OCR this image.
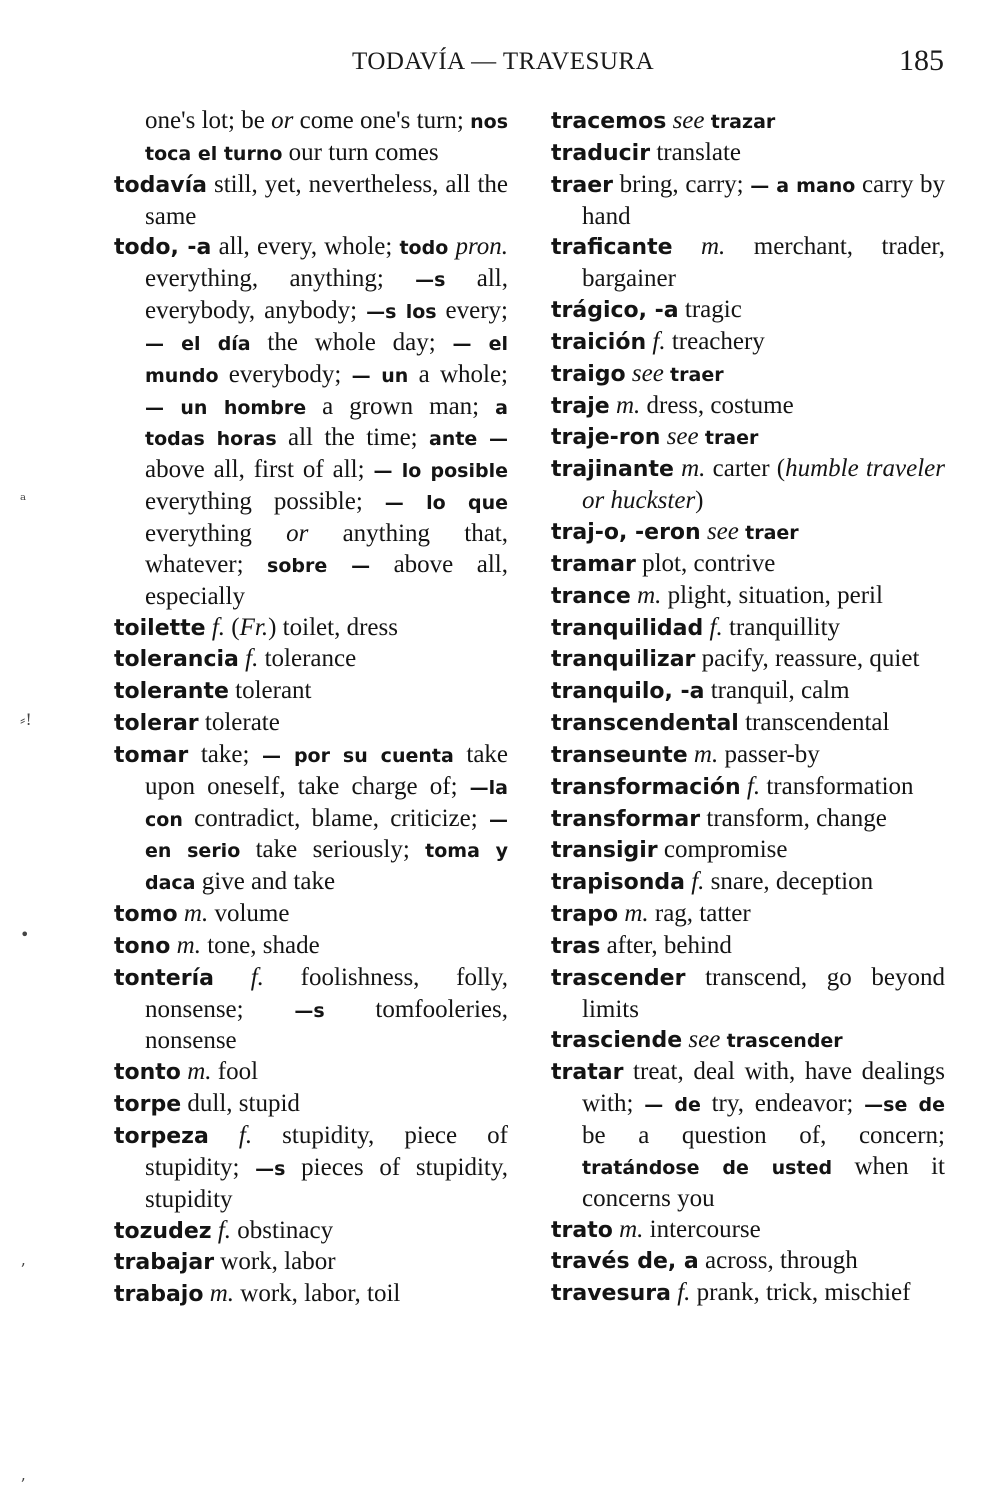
TODAVÍA — TRAVESURA	185

one's lot; be or come one's turn; nos toca el turno our turn comes

todavía still, yet, nevertheless, all the same

todo, -a all, every, whole; todo pron. everything, anything; —s all, everybody, anybody; —s los every; — el día the whole day; — el mundo everybody; — un a whole; — un hombre a grown man; a todas horas all the time; ante — above all, first of all; — lo posible everything possible; — lo que everything or anything that, whatever; sobre — above all, especially

toilette f. (Fr.) toilet, dress

tolerancia f. tolerance

tolerante tolerant

tolerar tolerate

tomar take; — por su cuenta take upon oneself, take charge of; —la con contradict, blame, criticize; — en serio take seriously; toma y daca give and take

tomo m. volume

tono m. tone, shade

tontería f. foolishness, folly, nonsense; —s tomfooleries, nonsense

tonto m. fool

torpe dull, stupid

torpeza f. stupidity, piece of stupidity; —s pieces of stupidity, stupidity

tozudez f. obstinacy

trabajar work, labor

trabajo m. work, labor, toil

tracemos see trazar

traducir translate

traer bring, carry; — a mano carry by hand

traficante m. merchant, trader, bargainer

trágico, -a tragic

traición f. treachery

traigo see traer

traje m. dress, costume

traje-ron see traer

trajinante m. carter (humble traveler or huckster)

traj-o, -eron see traer

tramar plot, contrive

trance m. plight, situation, peril

tranquilidad f. tranquillity

tranquilizar pacify, reassure, quiet

tranquilo, -a tranquil, calm

transcendental transcendental

transeunte m. passer-by

transformación f. transformation

transformar transform, change

transigir compromise

trapisonda f. snare, deception

trapo m. rag, tatter

tras after, behind

trascender transcend, go beyond limits

trasciende see trascender

tratar treat, deal with, have dealings with; — de try, endeavor; —se de be a question of, concern; tratándose de usted when it concerns you

trato m. intercourse

través de, a across, through

travesura f. prank, trick, mischief

ᵃ
⸗!
•
ʼ
ʼ
